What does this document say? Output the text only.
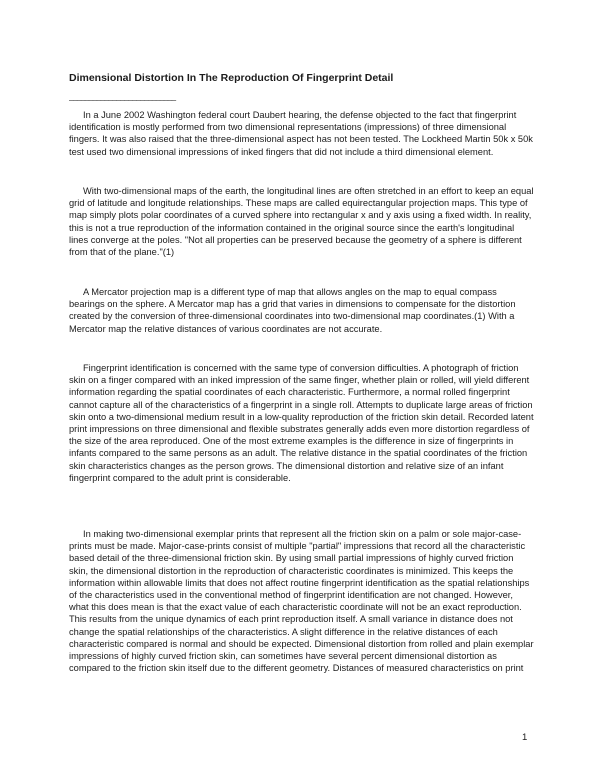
Dimensional Distortion In The Reproduction Of Fingerprint Detail
___________________________

In a June 2002 Washington federal court Daubert hearing, the defense objected to the fact that fingerprint identification is mostly performed from two dimensional representations (impressions) of three dimensional fingers. It was also raised that the three-dimensional aspect has not been tested. The Lockheed Martin 50k x 50k test used two dimensional impressions of inked fingers that did not include a third dimensional element.

With two-dimensional maps of the earth, the longitudinal lines are often stretched in an effort to keep an equal grid of latitude and longitude relationships. These maps are called equirectangular projection maps. This type of map simply plots polar coordinates of a curved sphere into rectangular x and y axis using a fixed width. In reality, this is not a true reproduction of the information contained in the original source since the earth's longitudinal lines converge at the poles. "Not all properties can be preserved because the geometry of a sphere is different from that of the plane."(1)

A Mercator projection map is a different type of map that allows angles on the map to equal compass bearings on the sphere. A Mercator map has a grid that varies in dimensions to compensate for the distortion created by the conversion of three-dimensional coordinates into two-dimensional map coordinates.(1) With a Mercator map the relative distances of various coordinates are not accurate.

Fingerprint identification is concerned with the same type of conversion difficulties. A photograph of friction skin on a finger compared with an inked impression of the same finger, whether plain or rolled, will yield different information regarding the spatial coordinates of each characteristic. Furthermore, a normal rolled fingerprint cannot capture all of the characteristics of a fingerprint in a single roll. Attempts to duplicate large areas of friction skin onto a two-dimensional medium result in a low-quality reproduction of the friction skin detail. Recorded latent print impressions on three dimensional and flexible substrates generally adds even more distortion regardless of the size of the area reproduced. One of the most extreme examples is the difference in size of fingerprints in infants compared to the same persons as an adult. The relative distance in the spatial coordinates of the friction skin characteristics changes as the person grows. The dimensional distortion and relative size of an infant fingerprint compared to the adult print is considerable.

In making two-dimensional exemplar prints that represent all the friction skin on a palm or sole major-case-prints must be made. Major-case-prints consist of multiple "partial" impressions that record all the characteristic based detail of the three-dimensional friction skin. By using small partial impressions of highly curved friction skin, the dimensional distortion in the reproduction of characteristic coordinates is minimized. This keeps the information within allowable limits that does not affect routine fingerprint identification as the spatial relationships of the characteristics used in the conventional method of fingerprint identification are not changed. However, what this does mean is that the exact value of each characteristic coordinate will not be an exact reproduction. This results from the unique dynamics of each print reproduction itself. A small variance in distance does not change the spatial relationships of the characteristics. A slight difference in the relative distances of each characteristic compared is normal and should be expected. Dimensional distortion from rolled and plain exemplar impressions of highly curved friction skin, can sometimes have several percent dimensional distortion as compared to the friction skin itself due to the different geometry. Distances of measured characteristics on print

1
